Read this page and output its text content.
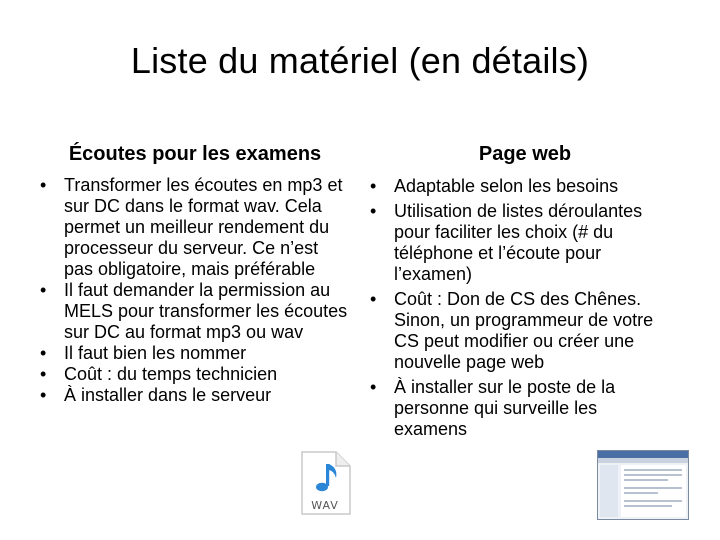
Liste du matériel (en détails)
Écoutes pour les examens	Page web
• Transformer les écoutes en mp3 et sur DC dans le format wav. Cela permet un meilleur rendement du processeur du serveur. Ce n’est pas obligatoire, mais préférable
• Il faut demander la permission au MELS pour transformer les écoutes sur DC au format mp3 ou wav
• Il faut bien les nommer
• Coût : du temps technicien
• À installer dans le serveur
• Adaptable selon les besoins
• Utilisation de listes déroulantes pour faciliter les choix (# du téléphone et l’écoute pour l’examen)
• Coût : Don de CS des Chênes. Sinon, un programmeur de votre CS peut modifier ou créer une nouvelle page web
• À installer sur le poste de la personne qui surveille les examens
WAV
